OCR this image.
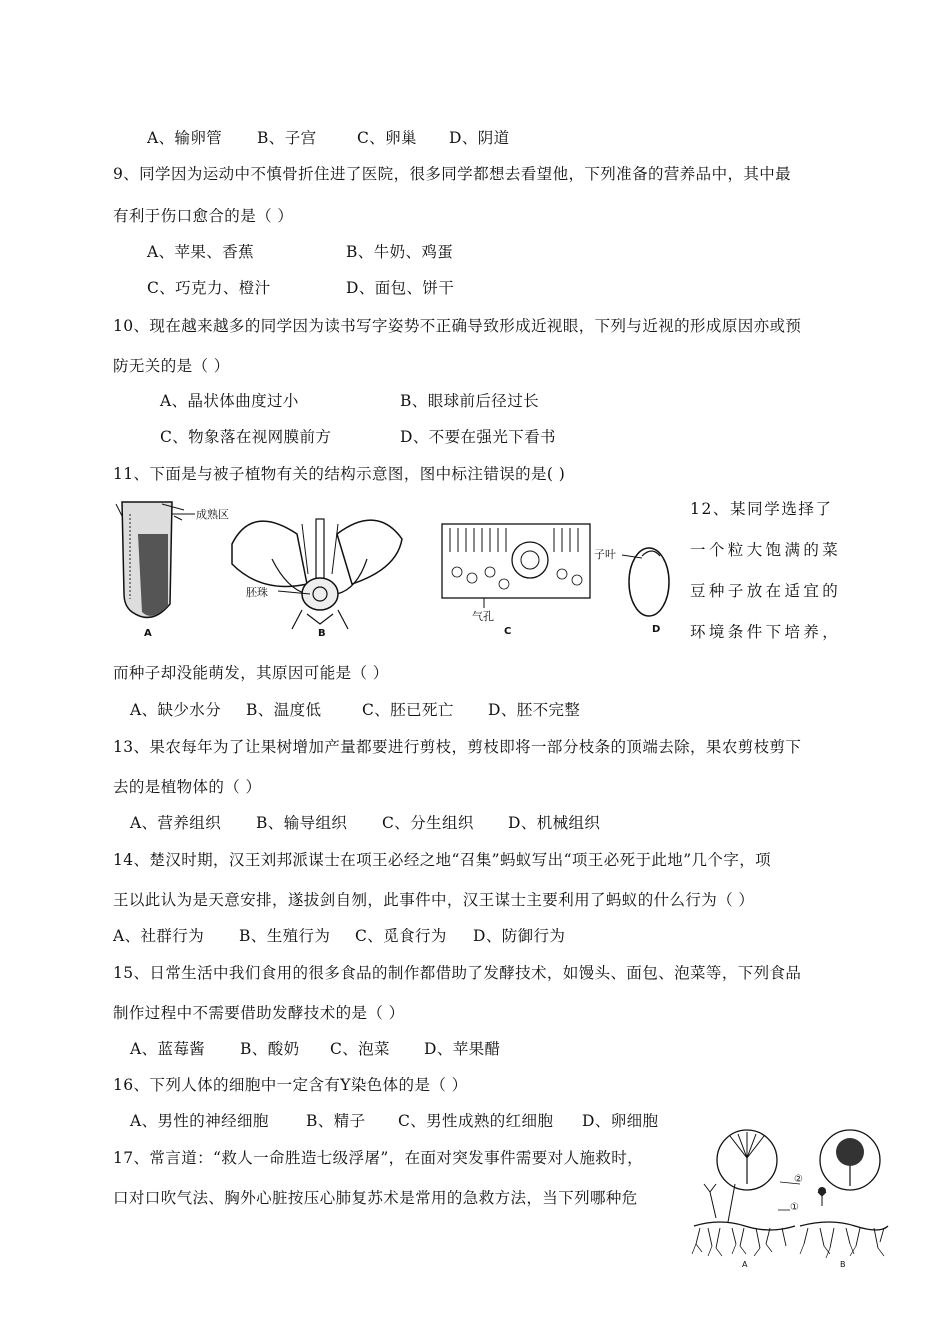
A、输卵管 B、子宫	C、卵巢 D、阴道
9、同学因为运动中不慎骨折住进了医院，很多同学都想去看望他，下列准备的营养品中，其中最
有利于伤口愈合的是（ ）
A、苹果、香蕉	B、牛奶、鸡蛋
C、巧克力、橙汁	D、面包、饼干
10、现在越来越多的同学因为读书写字姿势不正确导致形成近视眼，下列与近视的形成原因亦或预
防无关的是（ ）
A、晶状体曲度过小	B、眼球前后径过长
C、物象落在视网膜前方	D、不要在强光下看书
11、下面是与被子植物有关的结构示意图，图中标注错误的是( )
成熟区
胚珠
气孔
子叶
A	B	C	D
12、某同学选择了
一个粒大饱满的菜
豆种子放在适宜的
环境条件下培养，
而种子却没能萌发，其原因可能是（ ）
A、缺少水分 B、温度低	C、胚已死亡 D、胚不完整
13、果农每年为了让果树增加产量都要进行剪枝，剪枝即将一部分枝条的顶端去除，果农剪枝剪下
去的是植物体的（ ）
A、营养组织 B、输导组织 C、分生组织 D、机械组织
14、楚汉时期，汉王刘邦派谋士在项王必经之地“召集”蚂蚁写出“项王必死于此地”几个字，项
王以此认为是天意安排，遂拔剑自刎，此事件中，汉王谋士主要利用了蚂蚁的什么行为（ ）
A、社群行为 B、生殖行为 C、觅食行为 D、防御行为
15、日常生活中我们食用的很多食品的制作都借助了发酵技术，如馒头、面包、泡菜等，下列食品
制作过程中不需要借助发酵技术的是（ ）
A、蓝莓酱 B、酸奶 C、泡菜 D、苹果醋
16、下列人体的细胞中一定含有Y染色体的是（ ）
A、男性的神经细胞 B、精子 C、男性成熟的红细胞 D、卵细胞
17、常言道：“救人一命胜造七级浮屠”，在面对突发事件需要对人施救时，
口对口吹气法、胸外心脏按压心肺复苏术是常用的急救方法，当下列哪种危
②
①
A	B
